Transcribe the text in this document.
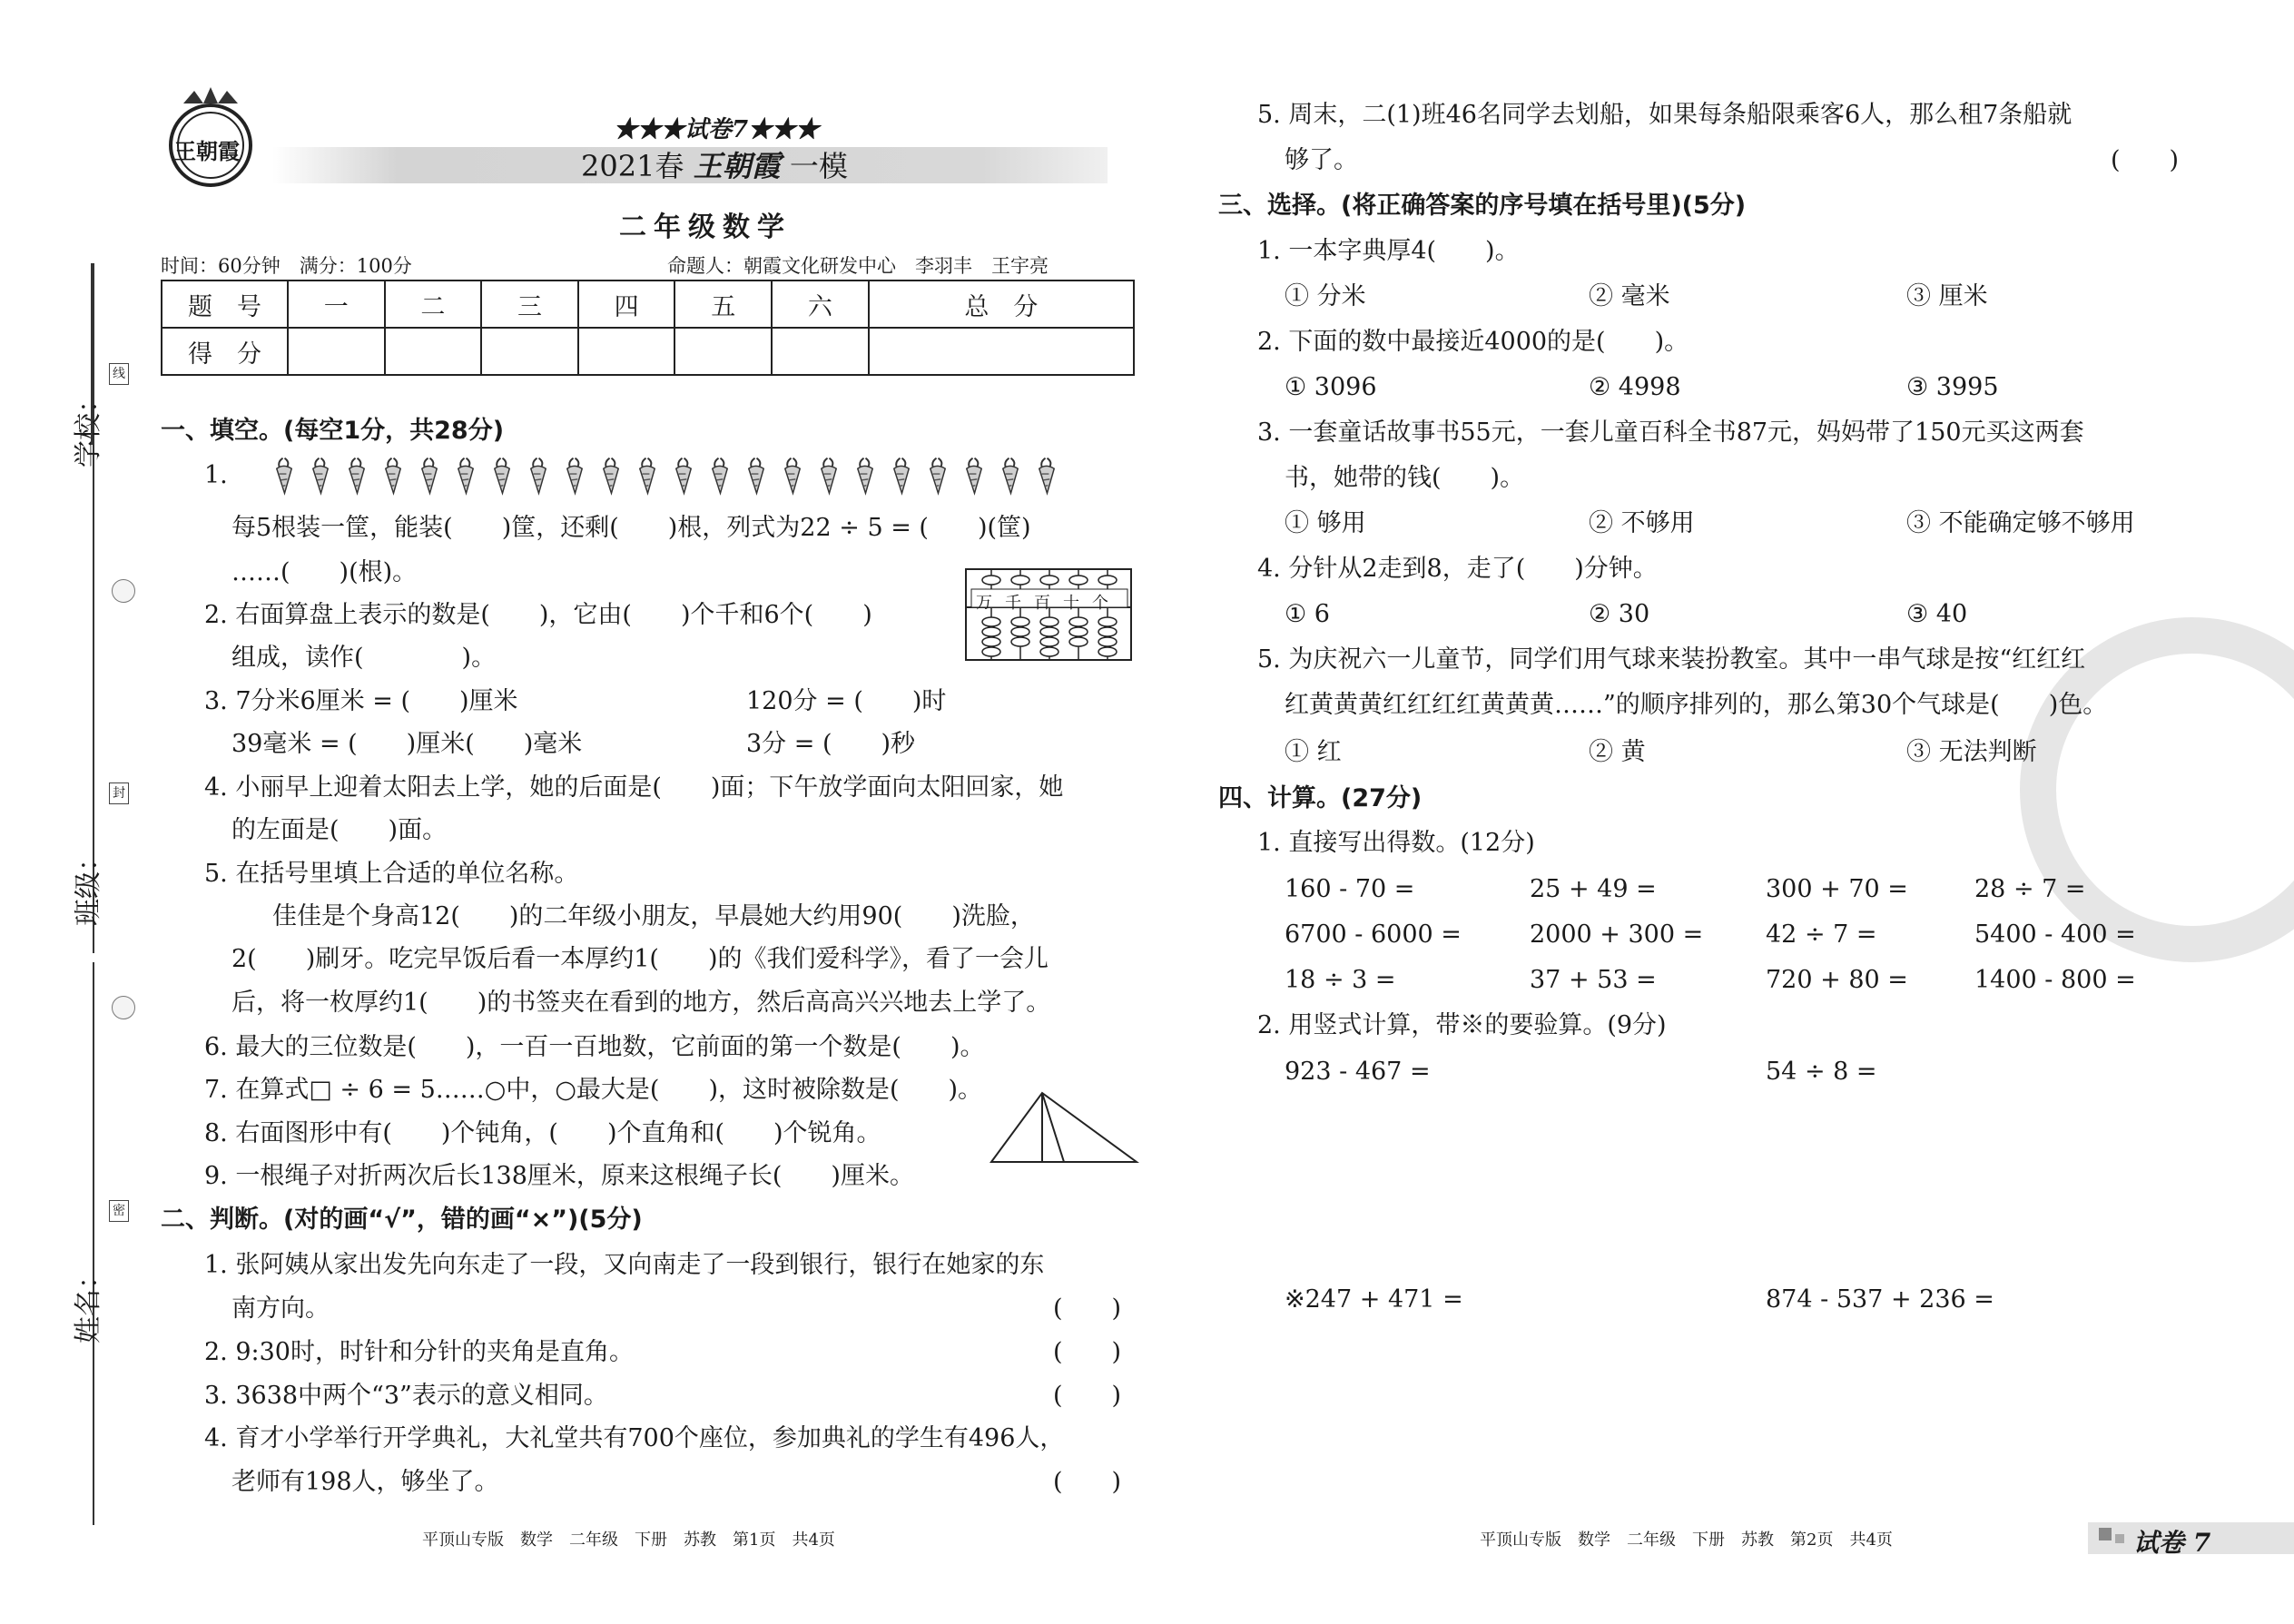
学校：
班级：
姓名：
线
封
密
王朝霞
★★★试卷7★★★
2021春 王朝霞 一模
二年级数学
时间：60分钟　满分：100分	命题人：朝霞文化研发中心　李羽丰　王宇亮
题　号	一	二	三	四	五	六	总　分
得　分							
一、填空。(每空1分，共28分)
1.
每5根装一筐，能装(　　)筐，还剩(　　)根，列式为22 ÷ 5 = (　　)(筐)
……(　　)(根)。
2. 右面算盘上表示的数是(　　)，它由(　　)个千和6个(　　)
组成，读作(　　　　)。
万千百十个
3. 7分米6厘米 = (　　)厘米	120分 = (　　)时
39毫米 = (　　)厘米(　　)毫米	3分 = (　　)秒
4. 小丽早上迎着太阳去上学，她的后面是(　　)面；下午放学面向太阳回家，她
的左面是(　　)面。
5. 在括号里填上合适的单位名称。
佳佳是个身高12(　　)的二年级小朋友，早晨她大约用90(　　)洗脸，
2(　　)刷牙。吃完早饭后看一本厚约1(　　)的《我们爱科学》，看了一会儿
后，将一枚厚约1(　　)的书签夹在看到的地方，然后高高兴兴地去上学了。
6. 最大的三位数是(　　)，一百一百地数，它前面的第一个数是(　　)。
7. 在算式□ ÷ 6 = 5……○中，○最大是(　　)，这时被除数是(　　)。
8. 右面图形中有(　　)个钝角，(　　)个直角和(　　)个锐角。
9. 一根绳子对折两次后长138厘米，原来这根绳子长(　　)厘米。
二、判断。(对的画“√”，错的画“×”)(5分)
1. 张阿姨从家出发先向东走了一段，又向南走了一段到银行，银行在她家的东
南方向。	(　　)
2. 9:30时，时针和分针的夹角是直角。	(　　)
3. 3638中两个“3”表示的意义相同。	(　　)
4. 育才小学举行开学典礼，大礼堂共有700个座位，参加典礼的学生有496人，
老师有198人，够坐了。	(　　)
平顶山专版　数学　二年级　下册　苏教　第1页　共4页
5. 周末，二(1)班46名同学去划船，如果每条船限乘客6人，那么租7条船就
够了。	(　　)
三、选择。(将正确答案的序号填在括号里)(5分)
1. 一本字典厚4(　　)。
① 分米	② 毫米	③ 厘米
2. 下面的数中最接近4000的是(　　)。
① 3096	② 4998	③ 3995
3. 一套童话故事书55元，一套儿童百科全书87元，妈妈带了150元买这两套
书，她带的钱(　　)。
① 够用	② 不够用	③ 不能确定够不够用
4. 分针从2走到8，走了(　　)分钟。
① 6	② 30	③ 40
5. 为庆祝六一儿童节，同学们用气球来装扮教室。其中一串气球是按“红红红
红黄黄黄红红红红黄黄黄……”的顺序排列的，那么第30个气球是(　　)色。
① 红	② 黄	③ 无法判断
四、计算。(27分)
1. 直接写出得数。(12分)
160 - 70 =	25 + 49 =	300 + 70 =	28 ÷ 7 =
6700 - 6000 =	2000 + 300 =	42 ÷ 7 =	5400 - 400 =
18 ÷ 3 =	37 + 53 =	720 + 80 =	1400 - 800 =
2. 用竖式计算，带※的要验算。(9分)
923 - 467 =	54 ÷ 8 =
※247 + 471 =	874 - 537 + 236 =
平顶山专版　数学　二年级　下册　苏教　第2页　共4页	试卷 7
